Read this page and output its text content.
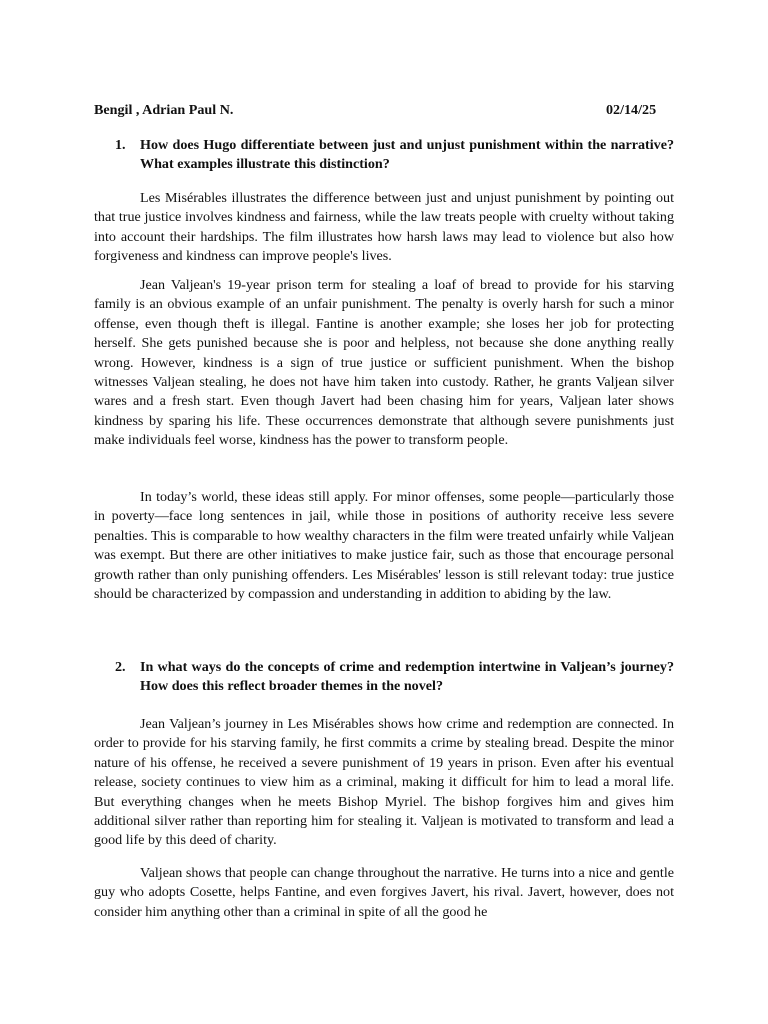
Bengil , Adrian Paul N.	02/14/25
1. How does Hugo differentiate between just and unjust punishment within the narrative? What examples illustrate this distinction?

Les Misérables illustrates the difference between just and unjust punishment by pointing out that true justice involves kindness and fairness, while the law treats people with cruelty without taking into account their hardships. The film illustrates how harsh laws may lead to violence but also how forgiveness and kindness can improve people's lives.

Jean Valjean's 19-year prison term for stealing a loaf of bread to provide for his starving family is an obvious example of an unfair punishment. The penalty is overly harsh for such a minor offense, even though theft is illegal. Fantine is another example; she loses her job for protecting herself. She gets punished because she is poor and helpless, not because she done anything really wrong. However, kindness is a sign of true justice or sufficient punishment. When the bishop witnesses Valjean stealing, he does not have him taken into custody. Rather, he grants Valjean silver wares and a fresh start. Even though Javert had been chasing him for years, Valjean later shows kindness by sparing his life. These occurrences demonstrate that although severe punishments just make individuals feel worse, kindness has the power to transform people.

In today’s world, these ideas still apply. For minor offenses, some people—particularly those in poverty—face long sentences in jail, while those in positions of authority receive less severe penalties. This is comparable to how wealthy characters in the film were treated unfairly while Valjean was exempt. But there are other initiatives to make justice fair, such as those that encourage personal growth rather than only punishing offenders. Les Misérables' lesson is still relevant today: true justice should be characterized by compassion and understanding in addition to abiding by the law.

2. In what ways do the concepts of crime and redemption intertwine in Valjean’s journey? How does this reflect broader themes in the novel?

Jean Valjean’s journey in Les Misérables shows how crime and redemption are connected. In order to provide for his starving family, he first commits a crime by stealing bread. Despite the minor nature of his offense, he received a severe punishment of 19 years in prison. Even after his eventual release, society continues to view him as a criminal, making it difficult for him to lead a moral life. But everything changes when he meets Bishop Myriel. The bishop forgives him and gives him additional silver rather than reporting him for stealing it. Valjean is motivated to transform and lead a good life by this deed of charity.

Valjean shows that people can change throughout the narrative. He turns into a nice and gentle guy who adopts Cosette, helps Fantine, and even forgives Javert, his rival. Javert, however, does not consider him anything other than a criminal in spite of all the good he
